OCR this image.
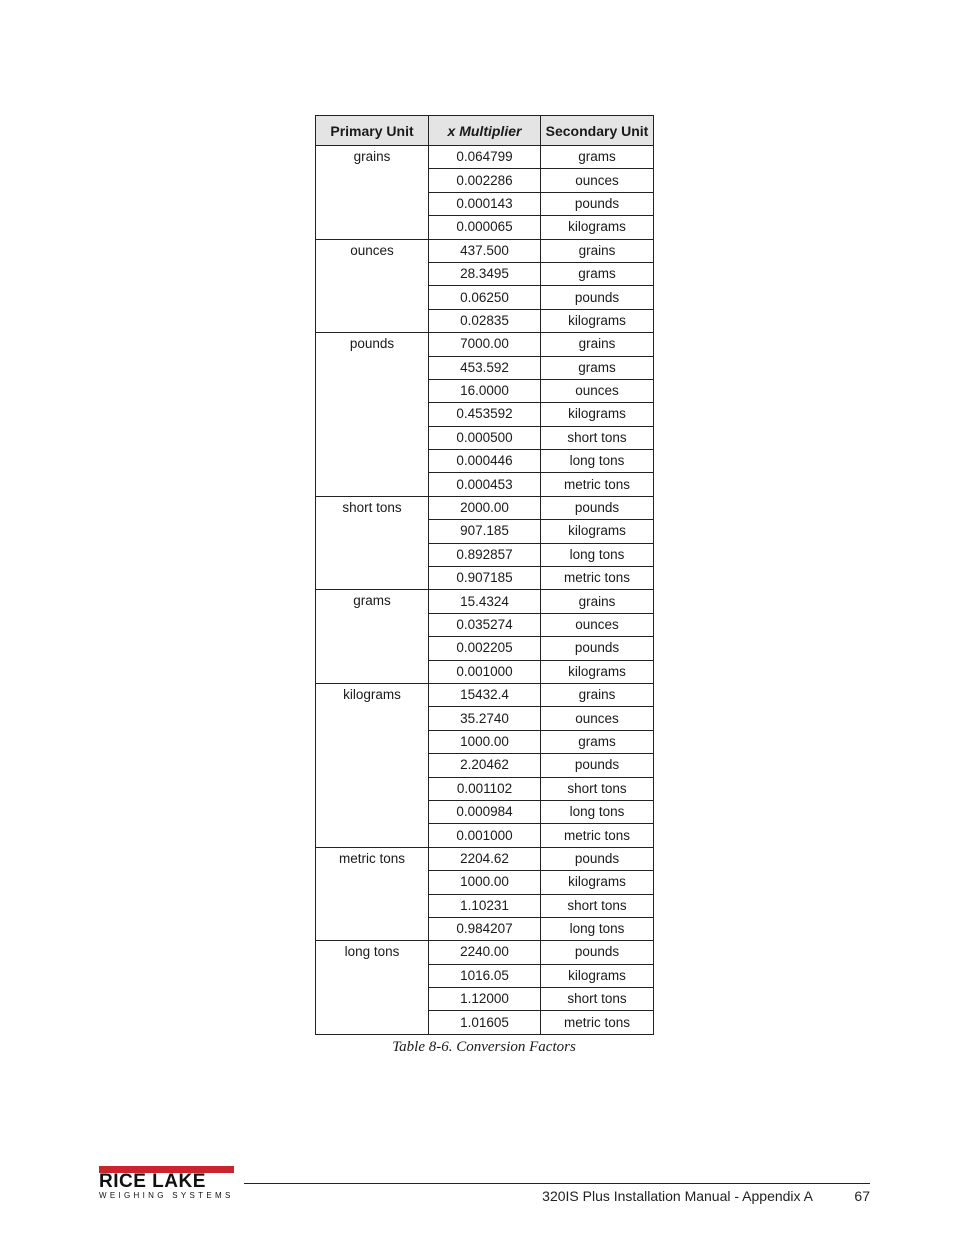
Primary Unit	x Multiplier	Secondary Unit
grains	0.064799	grams
	0.002286	ounces
	0.000143	pounds
	0.000065	kilograms
ounces	437.500	grains
	28.3495	grams
	0.06250	pounds
	0.02835	kilograms
pounds	7000.00	grains
	453.592	grams
	16.0000	ounces
	0.453592	kilograms
	0.000500	short tons
	0.000446	long tons
	0.000453	metric tons
short tons	2000.00	pounds
	907.185	kilograms
	0.892857	long tons
	0.907185	metric tons
grams	15.4324	grains
	0.035274	ounces
	0.002205	pounds
	0.001000	kilograms
kilograms	15432.4	grains
	35.2740	ounces
	1000.00	grams
	2.20462	pounds
	0.001102	short tons
	0.000984	long tons
	0.001000	metric tons
metric tons	2204.62	pounds
	1000.00	kilograms
	1.10231	short tons
	0.984207	long tons
long tons	2240.00	pounds
	1016.05	kilograms
	1.12000	short tons
	1.01605	metric tons
Table 8-6. Conversion Factors
RICE LAKE
WEIGHING SYSTEMS	320IS Plus Installation Manual - Appendix A	67
